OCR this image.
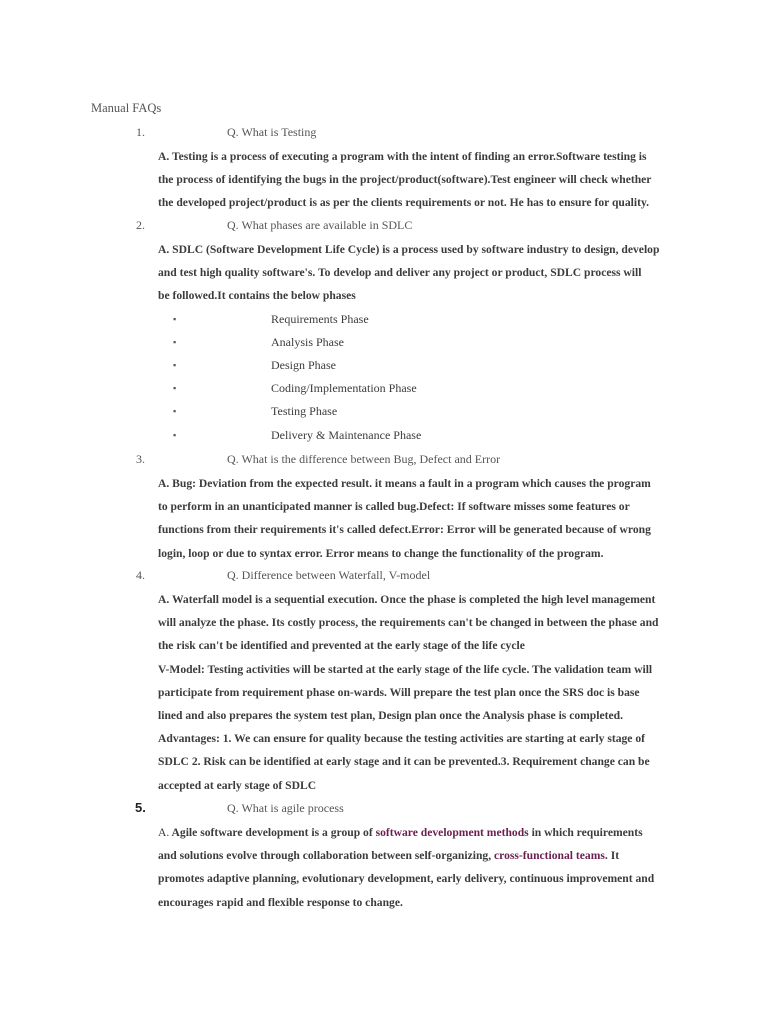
Manual FAQs
1.	Q. What is Testing
A. Testing is a process of executing a program with the intent of finding an error.Software testing is
the process of identifying the bugs in the project/product(software).Test engineer will check whether
the developed project/product is as per the clients requirements or not. He has to ensure for quality.
2.	Q. What phases are available in SDLC
A. SDLC (Software Development Life Cycle) is a process used by software industry to design, develop
and test high quality software's. To develop and deliver any project or product, SDLC process will
be followed.It contains the below phases
▪	Requirements Phase
▪	Analysis Phase
▪	Design Phase
▪	Coding/Implementation Phase
▪	Testing Phase
▪	Delivery & Maintenance Phase
3.	Q. What is the difference between Bug, Defect and Error
A. Bug: Deviation from the expected result. it means a fault in a program which causes the program
to perform in an unanticipated manner is called bug.Defect: If software misses some features or
functions from their requirements it's called defect.Error: Error will be generated because of wrong
login, loop or due to syntax error. Error means to change the functionality of the program.
4.	Q. Difference between Waterfall, V-model
A. Waterfall model is a sequential execution. Once the phase is completed the high level management
will analyze the phase. Its costly process, the requirements can't be changed in between the phase and
the risk can't be identified and prevented at the early stage of the life cycle
V-Model: Testing activities will be started at the early stage of the life cycle. The validation team will
participate from requirement phase on-wards. Will prepare the test plan once the SRS doc is base
lined and also prepares the system test plan, Design plan once the Analysis phase is completed.
Advantages: 1. We can ensure for quality because the testing activities are starting at early stage of
SDLC 2. Risk can be identified at early stage and it can be prevented.3. Requirement change can be
accepted at early stage of SDLC
5.	Q. What is agile process
A. Agile software development is a group of software development methods in which requirements
and solutions evolve through collaboration between self-organizing, cross-functional teams. It
promotes adaptive planning, evolutionary development, early delivery, continuous improvement and
encourages rapid and flexible response to change.
